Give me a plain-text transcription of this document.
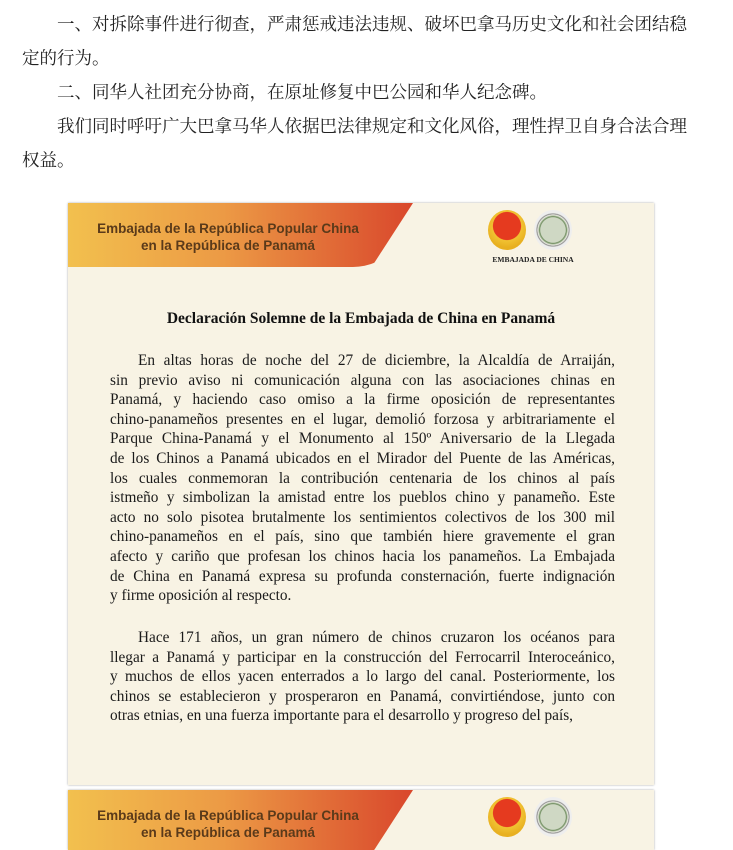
一、对拆除事件进行彻查，严肃惩戒违法违规、破坏巴拿马历史文化和社会团结稳定的行为。

二、同华人社团充分协商，在原址修复中巴公园和华人纪念碑。

我们同时呼吁广大巴拿马华人依据巴法律规定和文化风俗，理性捍卫自身合法合理权益。

Embajada de la República Popular China
en la República de Panamá
EMBAJADA DE CHINA
Declaración Solemne de la Embajada de China en Panamá
En altas horas de noche del 27 de diciembre, la Alcaldía de Arraiján,
sin previo aviso ni comunicación alguna con las asociaciones chinas en
Panamá, y haciendo caso omiso a la firme oposición de representantes
chino-panameños presentes en el lugar, demolió forzosa y arbitrariamente el
Parque China-Panamá y el Monumento al 150º Aniversario de la Llegada
de los Chinos a Panamá ubicados en el Mirador del Puente de las Américas,
los cuales conmemoran la contribución centenaria de los chinos al país
istmeño y simbolizan la amistad entre los pueblos chino y panameño. Este
acto no solo pisotea brutalmente los sentimientos colectivos de los 300 mil
chino-panameños en el país, sino que también hiere gravemente el gran
afecto y cariño que profesan los chinos hacia los panameños. La Embajada
de China en Panamá expresa su profunda consternación, fuerte indignación
y firme oposición al respecto.
Hace 171 años, un gran número de chinos cruzaron los océanos para
llegar a Panamá y participar en la construcción del Ferrocarril Interoceánico,
y muchos de ellos yacen enterrados a lo largo del canal. Posteriormente, los
chinos se establecieron y prosperaron en Panamá, convirtiéndose, junto con
otras etnias, en una fuerza importante para el desarrollo y progreso del país,
Embajada de la República Popular China
en la República de Panamá
